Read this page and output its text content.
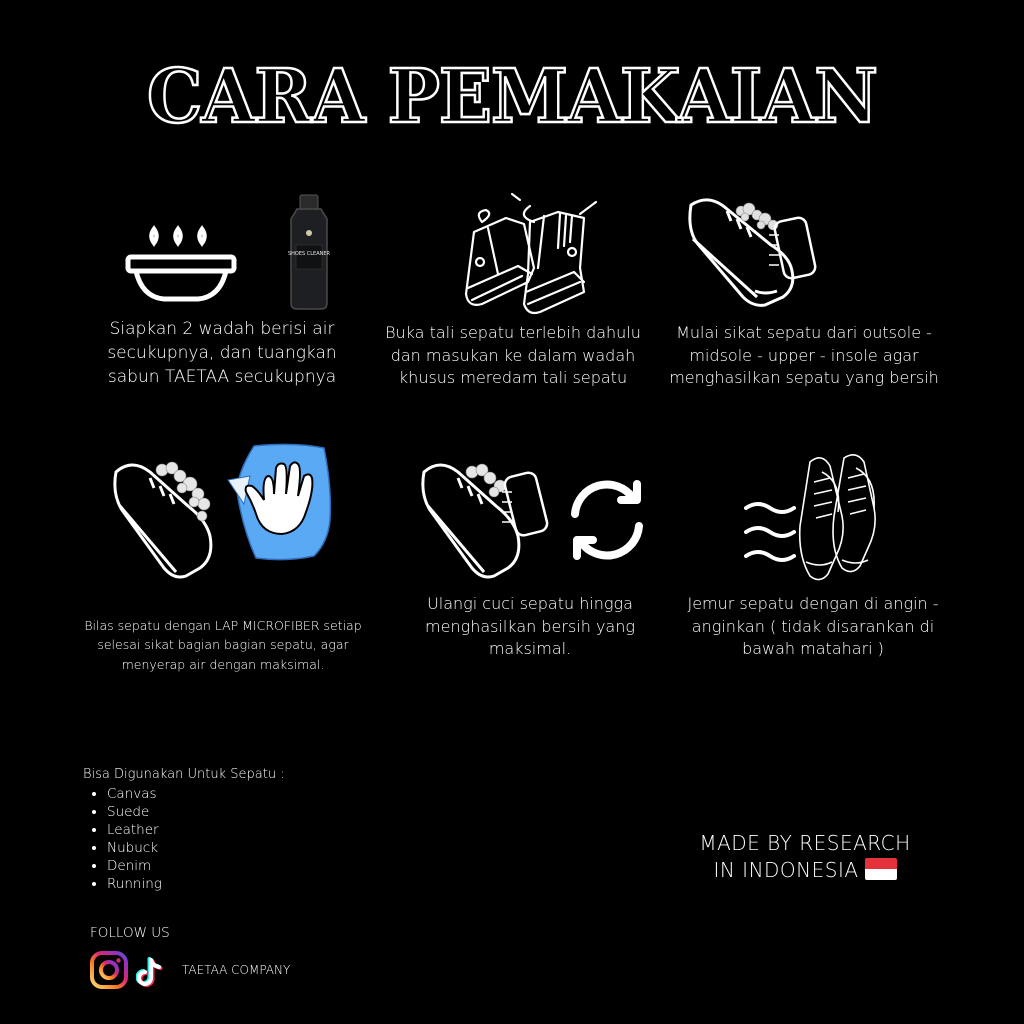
CARA PEMAKAIAN
SHOES CLEANER
Siapkan 2 wadah berisi air secukupnya, dan tuangkan sabun TAETAA secukupnya
Buka tali sepatu terlebih dahulu dan masukan ke dalam wadah khusus meredam tali sepatu
Mulai sikat sepatu dari outsole - midsole - upper - insole agar menghasilkan sepatu yang bersih
Bilas sepatu dengan LAP MICROFIBER setiap selesai sikat bagian bagian sepatu, agar menyerap air dengan maksimal.
Ulangi cuci sepatu hingga menghasilkan bersih yang maksimal.
Jemur sepatu dengan di angin - anginkan ( tidak disarankan di bawah matahari )
Bisa Digunakan Untuk Sepatu :
• Canvas
• Suede
• Leather
• Nubuck
• Denim
• Running
FOLLOW US
TAETAA COMPANY
MADE BY RESEARCH
IN INDONESIA
